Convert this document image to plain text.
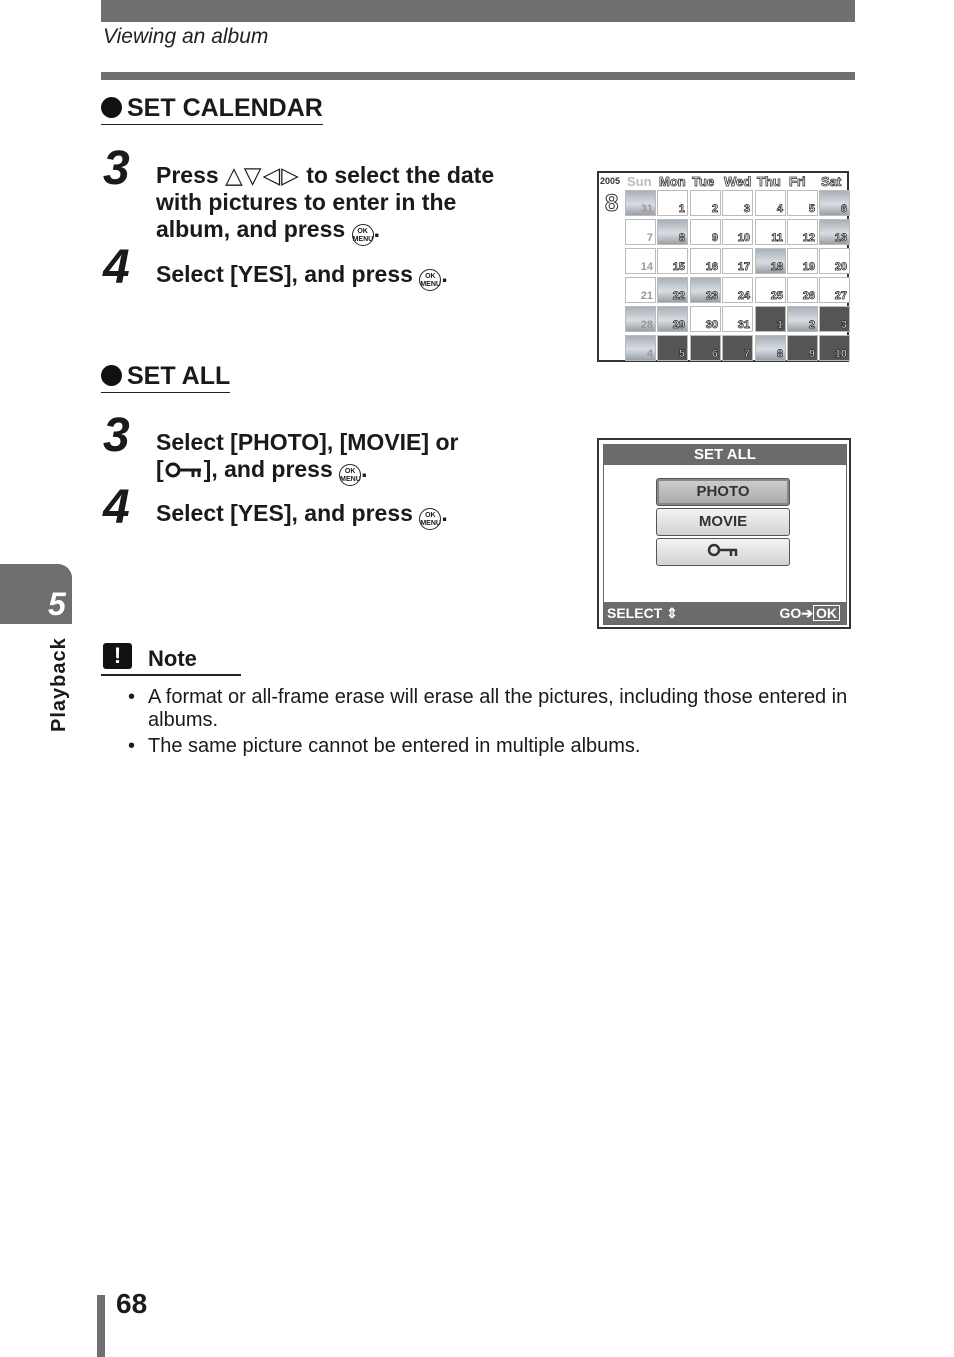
Viewing an album
SET CALENDAR
3 Press △▽◁▷ to select the date
with pictures to enter in the
album, and press OK
MENU.
4 Select [YES], and press OK
MENU.
2005
8
Sun Mon Tue Wed Thu Fri Sat
31 1 2 3 4 5 6
7 8 9 10 11 12 13
14 15 16 17 18 19 20
21 22 23 24 25 26 27
28 29 30 31 1 2 3
4 5 6 7 8 9 10
SET ALL
3 Select [PHOTO], [MOVIE] or
[ ], and press OK
MENU.
4 Select [YES], and press OK
MENU.
SET ALL
PHOTO
MOVIE
SELECT ⇕	GO➔ OK
5
Playback	!	Note
• A format or all-frame erase will erase all the pictures, including those entered in albums.
• The same picture cannot be entered in multiple albums.
68
